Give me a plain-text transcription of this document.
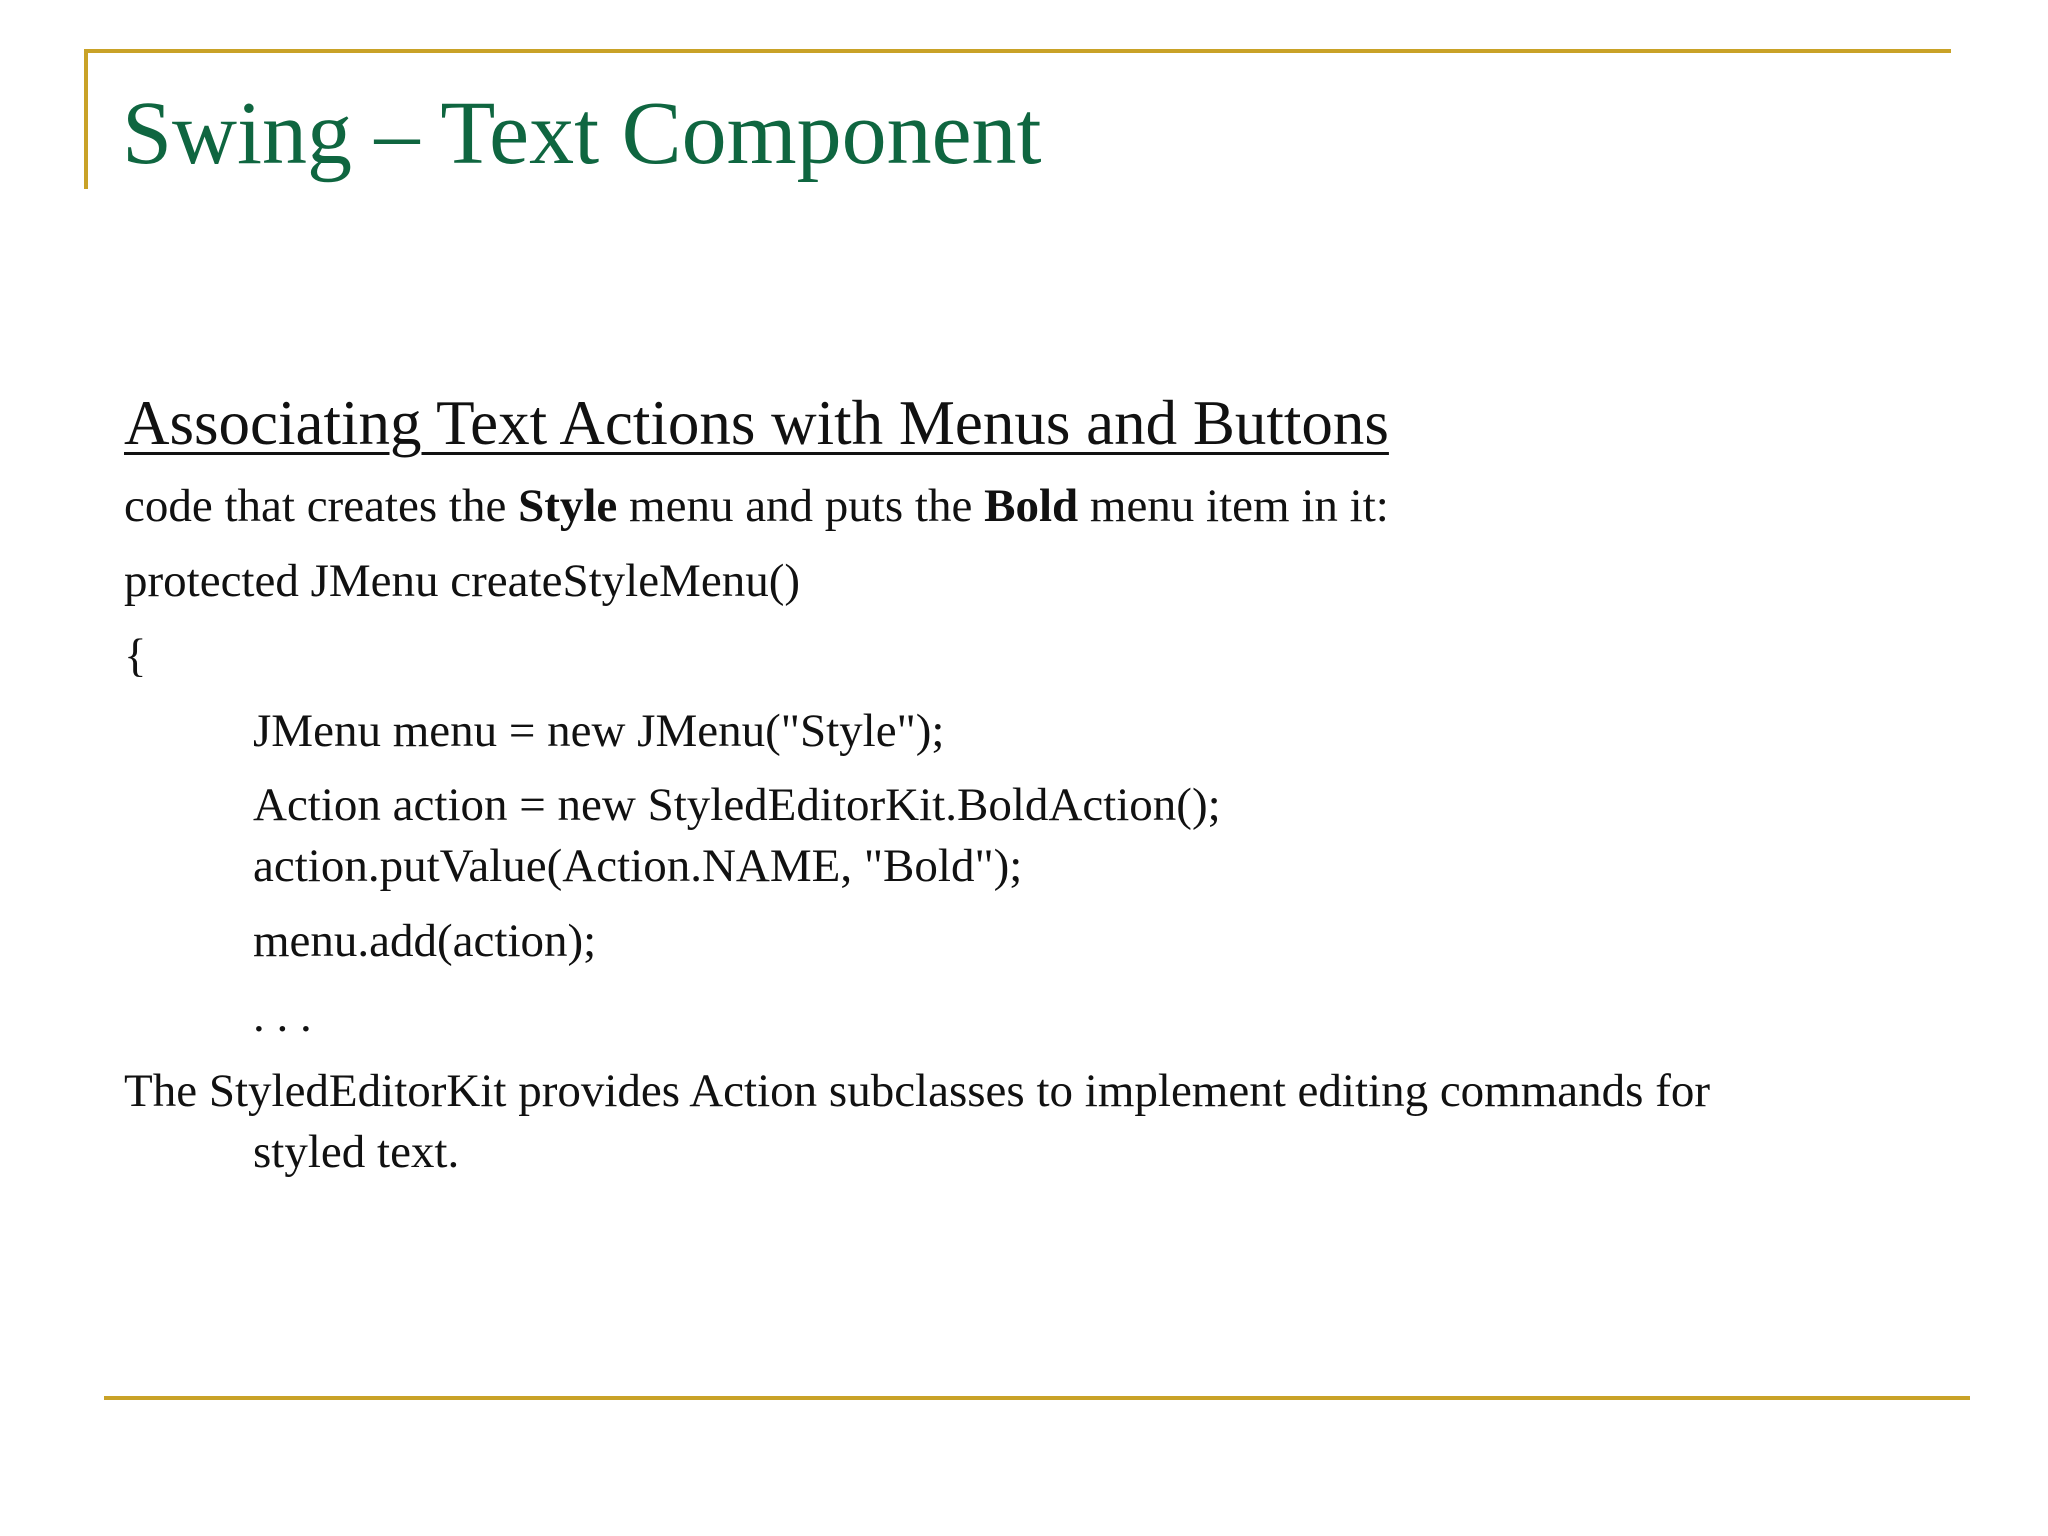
Swing – Text Component
Associating Text Actions with Menus and Buttons

code that creates the Style menu and puts the Bold menu item in it:

protected JMenu createStyleMenu()

{

JMenu menu = new JMenu("Style");

Action action = new StyledEditorKit.BoldAction();

action.putValue(Action.NAME, "Bold");

menu.add(action);

. . .

The StyledEditorKit provides Action subclasses to implement editing commands for

styled text.
